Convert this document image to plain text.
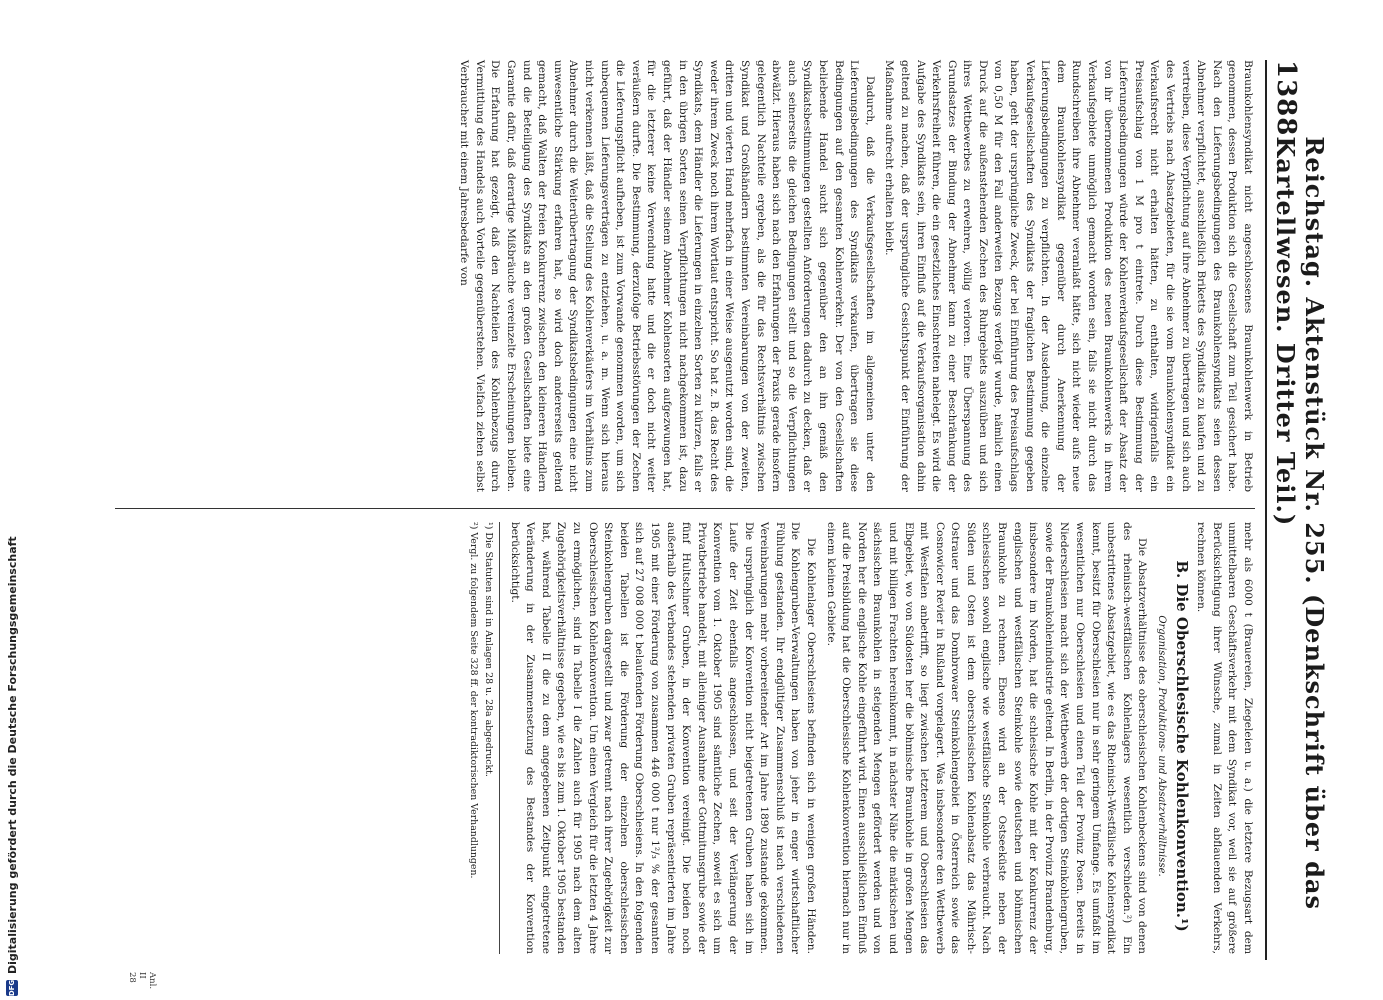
1388
Reichstag. Aktenstück Nr. 255. (Denkschrift über das Kartellwesen. Dritter Teil.)

Braunkohlensyndikat nicht angeschlossenes Braunkohlenwerk in Betrieb genommen, dessen Produktion sich die Gesellschaft zum Teil gesichert habe. Nach den Lieferungsbedingungen des Braunkohlensyndikats seien dessen Abnehmer verpflichtet, ausschließlich Briketts des Syndikats zu kaufen und zu vertreiben, diese Verpflichtung auf ihre Abnehmer zu übertragen und sich auch des Vertriebs nach Absatzgebieten, für die sie vom Braunkohlensyndikat ein Verkaufsrecht nicht erhalten hätten, zu enthalten, widrigenfalls ein Preisaufschlag von 1 M pro t eintrete. Durch diese Bestimmung der Lieferungsbedingungen würde der Kohlenverkaufsgesellschaft der Absatz der von ihr übernommenen Produktion des neuen Braunkohlenwerks in ihrem Verkaufsgebiete unmöglich gemacht worden sein, falls sie nicht durch das Rundschreiben ihre Abnehmer veranlaßt hätte, sich nicht wieder aufs neue dem Braunkohlensyndikat gegenüber durch Anerkennung der Lieferungsbedingungen zu verpflichten. In der Ausdehnung, die einzelne Verkaufsgesellschaften des Syndikats der fraglichen Bestimmung gegeben haben, geht der ursprüngliche Zweck, der bei Einführung des Preisaufschlags von 0,50 M für den Fall anderweiten Bezugs verfolgt wurde, nämlich einen Druck auf die außenstehenden Zechen des Ruhrgebiets auszuüben und sich ihres Wettbewerbes zu erwehren, völlig verloren. Eine Überspannung des Grundsatzes der Bindung der Abnehmer kann zu einer Beschränkung der Verkehrsfreiheit führen, die ein gesetzliches Einschreiten nahelegt. Es wird die Aufgabe des Syndikats sein, ihren Einfluß auf die Verkaufsorganisation dahin geltend zu machen, daß der ursprüngliche Gesichtspunkt der Einführung der Maßnahme aufrecht erhalten bleibt.

Dadurch, daß die Verkaufsgesellschaften im allgemeinen unter den Lieferungsbedingungen des Syndikats verkaufen, übertragen sie diese Bedingungen auf den gesamten Kohlenverkehr. Der von den Gesellschaften beliebende Handel sucht sich gegenüber den an ihn gemäß den Syndikatsbestimmungen gestellten Anforderungen dadurch zu decken, daß er auch seinerseits die gleichen Bedingungen stellt und so die Verpflichtungen abwälzt. Hieraus haben sich nach den Erfahrungen der Praxis gerade insofern gelegentlich Nachteile ergeben, als die für das Rechtsverhältnis zwischen Syndikat und Großhändlern bestimmten Vereinbarungen von der zweiten, dritten und vierten Hand mehrfach in einer Weise ausgenutzt worden sind, die weder ihrem Zweck noch ihrem Wortlaut entspricht. So hat z. B. das Recht des Syndikats, dem Händler die Lieferungen in einzelnen Sorten zu kürzen, falls er in den übrigen Sorten seinen Verpflichtungen nicht nachgekommen ist, dazu geführt, daß der Händler seinem Abnehmer Kohlensorten aufgezwungen hat, für die letzterer keine Verwendung hatte und die er doch nicht weiter veräußern durfte. Die Bestimmung, derzufolge Betriebsstörungen der Zechen die Lieferungspflicht aufheben, ist zum Vorwande genommen worden, um sich unbequemen Lieferungsverträgen zu entziehen, u. a. m. Wenn sich hieraus nicht verkennen läßt, daß die Stellung des Kohlenverkäufers im Verhältnis zum Abnehmer durch die Weiterübertragung der Syndikatsbedingungen eine nicht unwesentliche Stärkung erfahren hat, so wird doch andererseits geltend gemacht, daß Walten der freien Konkurrenz zwischen den kleineren Händlern und die Beteiligung des Syndikats an den großen Gesellschaften biete eine Garantie dafür, daß derartige Mißbräuche vereinzelte Erscheinungen bleiben. Die Erfahrung hat gezeigt, daß den Nachteilen des Kohlenbezugs durch Vermittlung des Handels auch Vorteile gegenüberstehen. Vielfach ziehen selbst Verbraucher mit einem Jahresbedarfe von

mehr als 6000 t (Brauereien, Ziegeleien u. a.) die letztere Bezugsart dem unmittelbaren Geschäftsverkehr mit dem Syndikat vor, weil sie auf größere Berücksichtigung ihrer Wünsche, zumal in Zeiten abflauenden Verkehrs, rechnen können.

B. Die Oberschlesische Kohlenkonvention.¹)

Organisation, Produktions- und Absatzverhältnisse.

Die Absatzverhältnisse des oberschlesischen Kohlenbeckens sind von denen des rheinisch-westfälischen Kohlenlagers wesentlich verschieden.²) Ein unbestrittenes Absatzgebiet, wie es das Rheinisch-Westfälische Kohlensyndikat kennt, besitzt für Oberschlesien nur in sehr geringem Umfange. Es umfaßt im wesentlichen nur Oberschlesien und einen Teil der Provinz Posen. Bereits in Niederschlesien macht sich der Wettbewerb der dortigen Steinkohlengruben, sowie der Braunkohlenindustrie geltend. In Berlin, in der Provinz Brandenburg, insbesondere im Norden, hat die schlesische Kohle mit der Konkurrenz der englischen und westfälischen Steinkohle sowie deutschen und böhmischen Braunkohle zu rechnen. Ebenso wird an der Ostseeküste neben der schlesischen sowohl englische wie westfälische Steinkohle verbraucht. Nach Süden und Osten ist dem oberschlesischen Kohlenabsatz das Mährisch-Ostrauer und das Dombrowaer Steinkohlengebiet in Österreich sowie das Cosnowicer Revier in Rußland vorgelagert. Was insbesondere den Wettbewerb mit Westfalen anbetrifft, so liegt zwischen letzterem und Oberschlesien das Elbgebiet, wo von Südosten her die böhmische Braunkohle in großen Mengen und mit billigen Frachten hereinkommt, in nächster Nähe die märkischen und sächsischen Braunkohlen in steigenden Mengen gefördert werden und von Norden her die englische Kohle eingeführt wird. Einen ausschließlichen Einfluß auf die Preisbildung hat die Oberschlesische Kohlenkonvention hiernach nur in einem kleinen Gebiete.

Die Kohlenlager Oberschlesiens befinden sich in wenigen großen Händen. Die Kohlengruben-Verwaltungen haben von jeher in enger wirtschaftlicher Fühlung gestanden. Ihr endgültiger Zusammenschluß ist nach verschiedenen Vereinbarungen mehr vorbereitender Art im Jahre 1890 zustande gekommen. Die ursprünglich der Konvention nicht beigetretenen Gruben haben sich im Laufe der Zeit ebenfalls angeschlossen, und seit der Verlängerung der Konvention vom 1. Oktober 1905 sind sämtliche Zechen, soweit es sich um Privatbetriebe handelt, mit alleiniger Ausnahme der Gottmitunsgrube sowie der fünf Hultschiner Gruben, in der Konvention vereinigt. Die beiden noch außerhalb des Verbandes stehenden privaten Gruben repräsentierten im Jahre 1905 mit einer Förderung von zusammen 446 000 t nur 1²/₃ % der gesamten sich auf 27 008 000 t belaufenden Förderung Oberschlesiens. In den folgenden beiden Tabellen ist die Förderung der einzelnen oberschlesischen Steinkohlengruben dargestellt und zwar getrennt nach ihrer Zugehörigkeit zur Oberschlesischen Kohlenkonvention. Um einen Vergleich für die letzten 4 Jahre zu ermöglichen, sind in Tabelle I die Zahlen auch für 1905 nach dem alten Zugehörigkeitsverhältnisse gegeben, wie es bis zum 1. Oktober 1905 bestanden hat, während Tabelle II die zu dem angegebenen Zeitpunkt eingetretene Veränderung in der Zusammensetzung des Bestandes der Konvention berücksichtigt.

¹) Die Statuten sind in Anlagen 28 u. 28a abgedruckt.

²) Vergl. zu folgendem Seite 328 ff. der kontradiktorischen Verhandlungen.

Anl. II 28
DFG
Digitalisierung gefördert durch die Deutsche Forschungsgemeinschaft
